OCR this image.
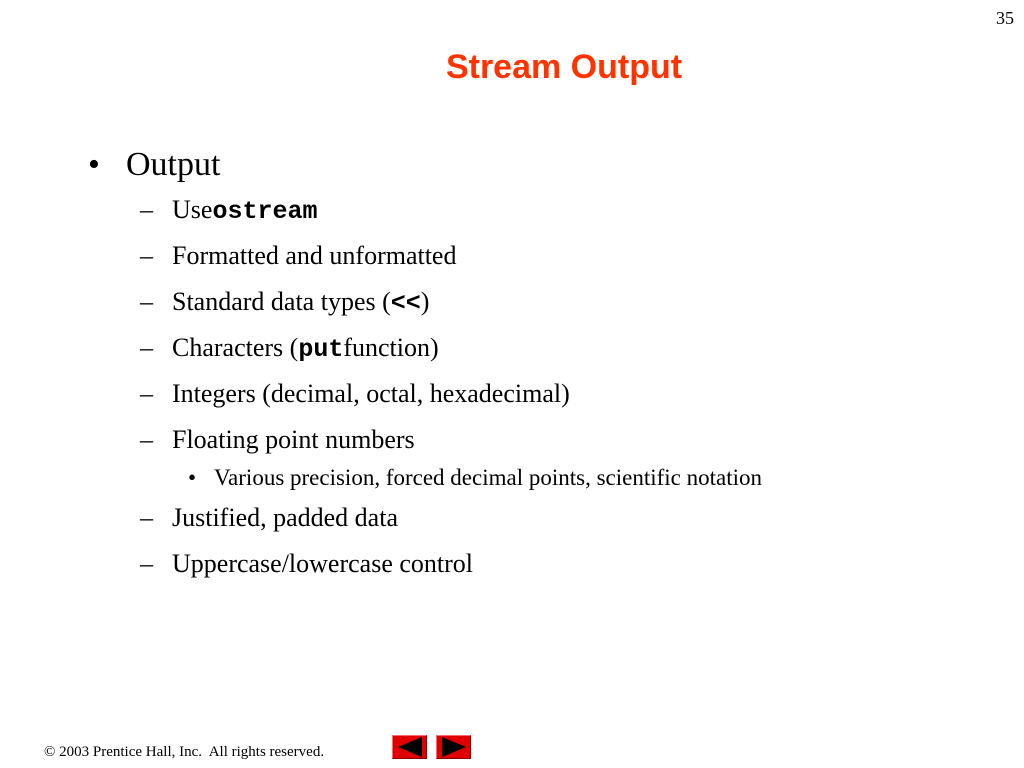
35
Stream Output
• Output
– Use ostream
– Formatted and unformatted
– Standard data types ( << )
– Characters ( put function)
– Integers (decimal, octal, hexadecimal)
– Floating point numbers
• Various precision, forced decimal points, scientific notation
– Justified, padded data
– Uppercase/lowercase control
© 2003 Prentice Hall, Inc.  All rights reserved.
